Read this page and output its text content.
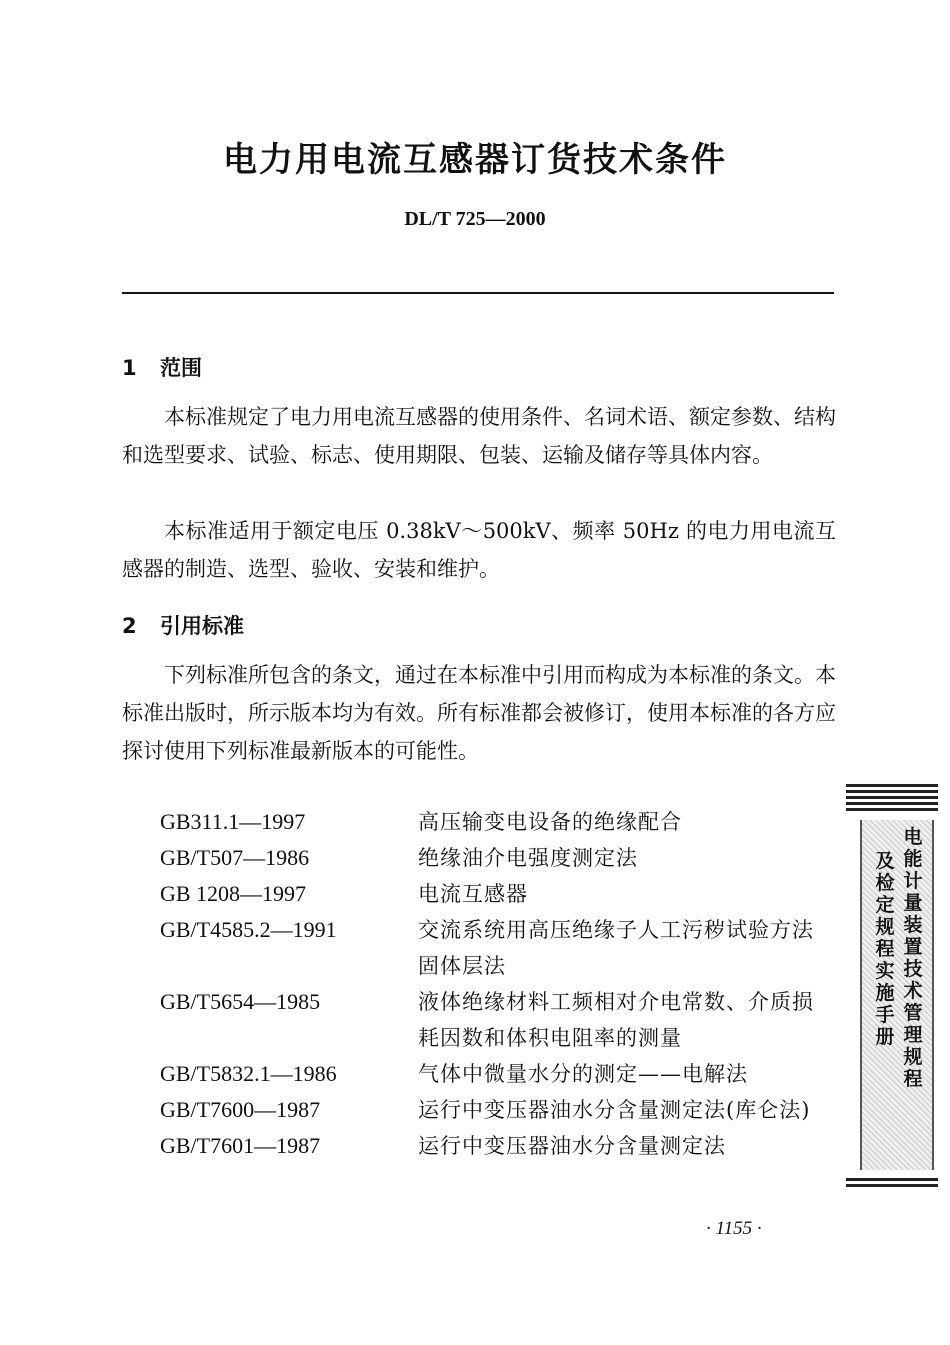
电力用电流互感器订货技术条件
DL/T 725—2000
1 范围
本标准规定了电力用电流互感器的使用条件、名词术语、额定参数、结构和选型要求、试验、标志、使用期限、包装、运输及储存等具体内容。
本标准适用于额定电压 0.38kV～500kV、频率 50Hz 的电力用电流互感器的制造、选型、验收、安装和维护。
2 引用标准
下列标准所包含的条文，通过在本标准中引用而构成为本标准的条文。本标准出版时，所示版本均为有效。所有标准都会被修订，使用本标准的各方应探讨使用下列标准最新版本的可能性。
GB311.1—1997	高压输变电设备的绝缘配合
GB/T507—1986	绝缘油介电强度测定法
GB 1208—1997	电流互感器
GB/T4585.2—1991	交流系统用高压绝缘子人工污秽试验方法　固体层法
GB/T5654—1985	液体绝缘材料工频相对介电常数、介质损耗因数和体积电阻率的测量
GB/T5832.1—1986	气体中微量水分的测定——电解法
GB/T7600—1987	运行中变压器油水分含量测定法(库仑法)
GB/T7601—1987	运行中变压器油水分含量测定法
· 1155 ·
电能计量装置技术管理规程
及检定规程实施手册
